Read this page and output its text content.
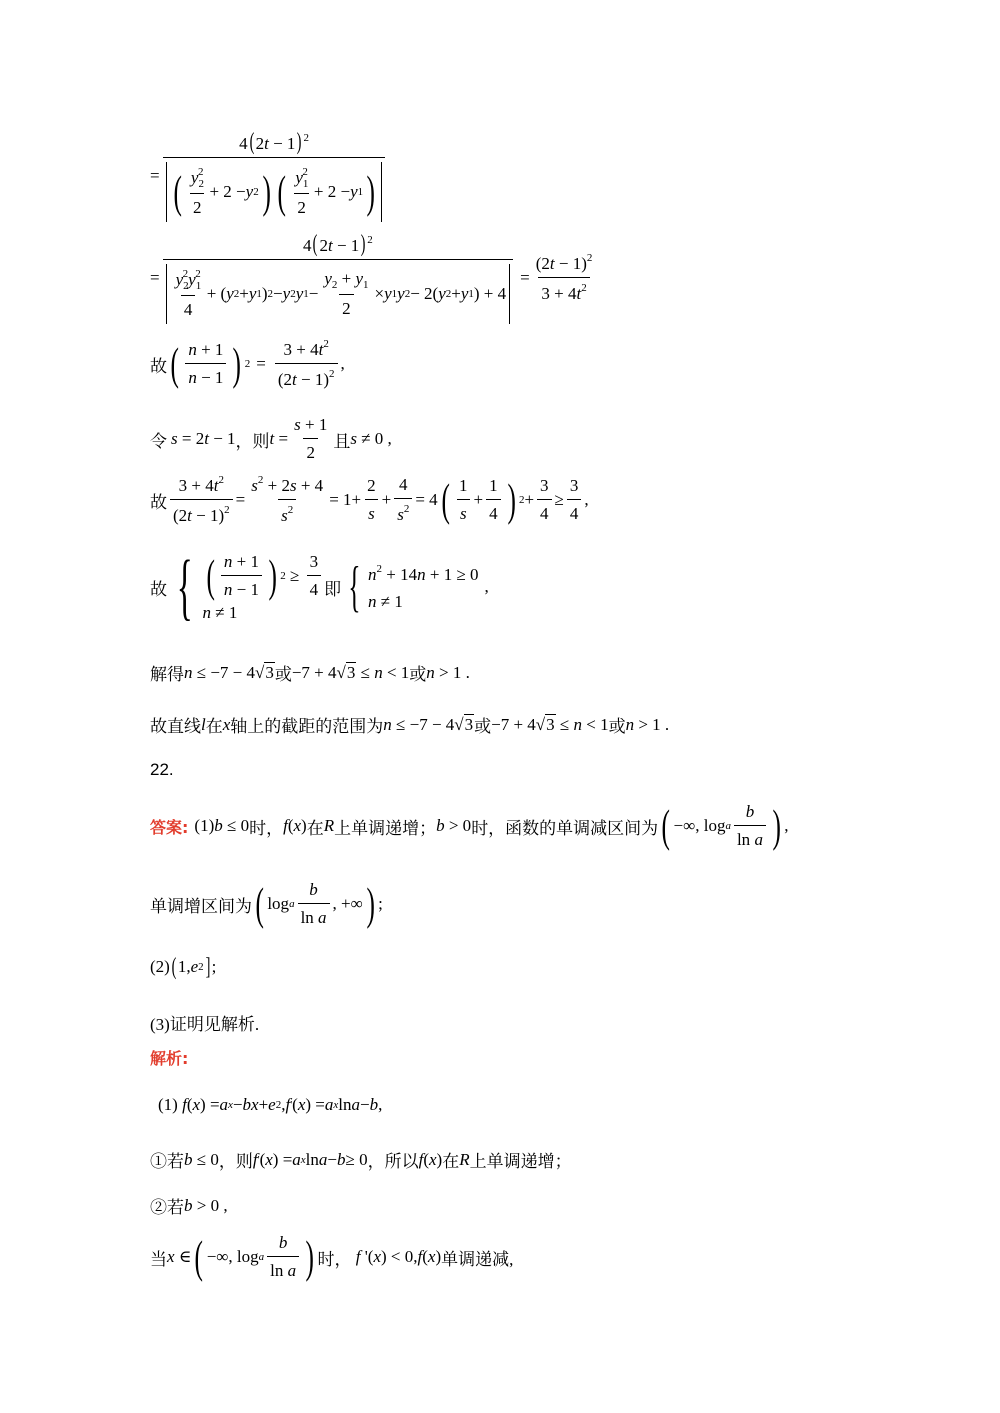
=
4(2t − 1) $^2$
( $\frac{y_2^2}{2} + 2 - y$ 2 ) ( $\frac{y_1^2}{2} + 2 - y$ 1 )
=
4(2t − 1) $^2$
$\frac{y_2^2y_1^2}{4}$ + ( y 2 + y 1 ) 2 − y 2 y $1 - \frac{y_2 + y_1}{2} \times y$ 1 y 2 − 2( y 2 + y 1 ) + 4
= $\frac{(2t - 1)^2}{3 + 4t^2}$
故 ( $\frac{n + 1}{n - 1}$ ) $2 = \frac{3 + 4t^2}{(2t - 1)^2}$ ,
令 s = 2 t − 1 ，则 $t = \frac{s + 1}{2}$ 且 s ≠ 0 ,
故 $\frac{3 + 4t^2}{(2t - 1)^2} = \frac{s^2 + 2s + 4}{s^2} = 1+ \frac{2}{s} + \frac{4}{s^2} = 4$ ( $\frac{1}{s} + \frac{1}{4}$ ) $2 + \frac{3}{4} \ge \frac{3}{4}$ ,
故 { ( $\frac{n + 1}{n - 1}$ ) $2 \ge \frac{3}{4}$
n ≠ 1
即 { $n^2 + 14n + 1 \ge 0$
n ≠ 1
,
解得 n ≤ −7 − 4√ 3 或 −7 + 4√ 3 ≤ n < 1 或 n > 1 .
故直线 l 在 x 轴上的截距的范围为 n ≤ −7 − 4√ 3 或 −7 + 4√ 3 ≤ n < 1 或 n > 1 .
22.
答案: (1) b ≤ 0 时， f ( x ) 在 R 上单调递增； b > 0 时，函数的单调减区间为 ( −∞, log a $\frac{b}{\text{ln a}}$ ) ,
单调增区间为 ( log a $\frac{b}{\text{ln a}}$ , +∞ ) ;
(2) ( 1, e 2 ] ;
(3)证明见解析.
解析:
(1)
f ( x ) = a x − bx + e 2 , f ' ( x ) = a x ln a − b ,
①若 b ≤ 0 ，则 f ' ( x ) = a x ln a − b ≥ 0 ，所以 f ( x ) 在 R 上单调递增；
②若 b > 0 ,
当 x ∈ ( −∞, log a $\frac{b}{\text{ln a}}$ ) 时，
f '( x ) < 0, f ( x ) 单调递减,
